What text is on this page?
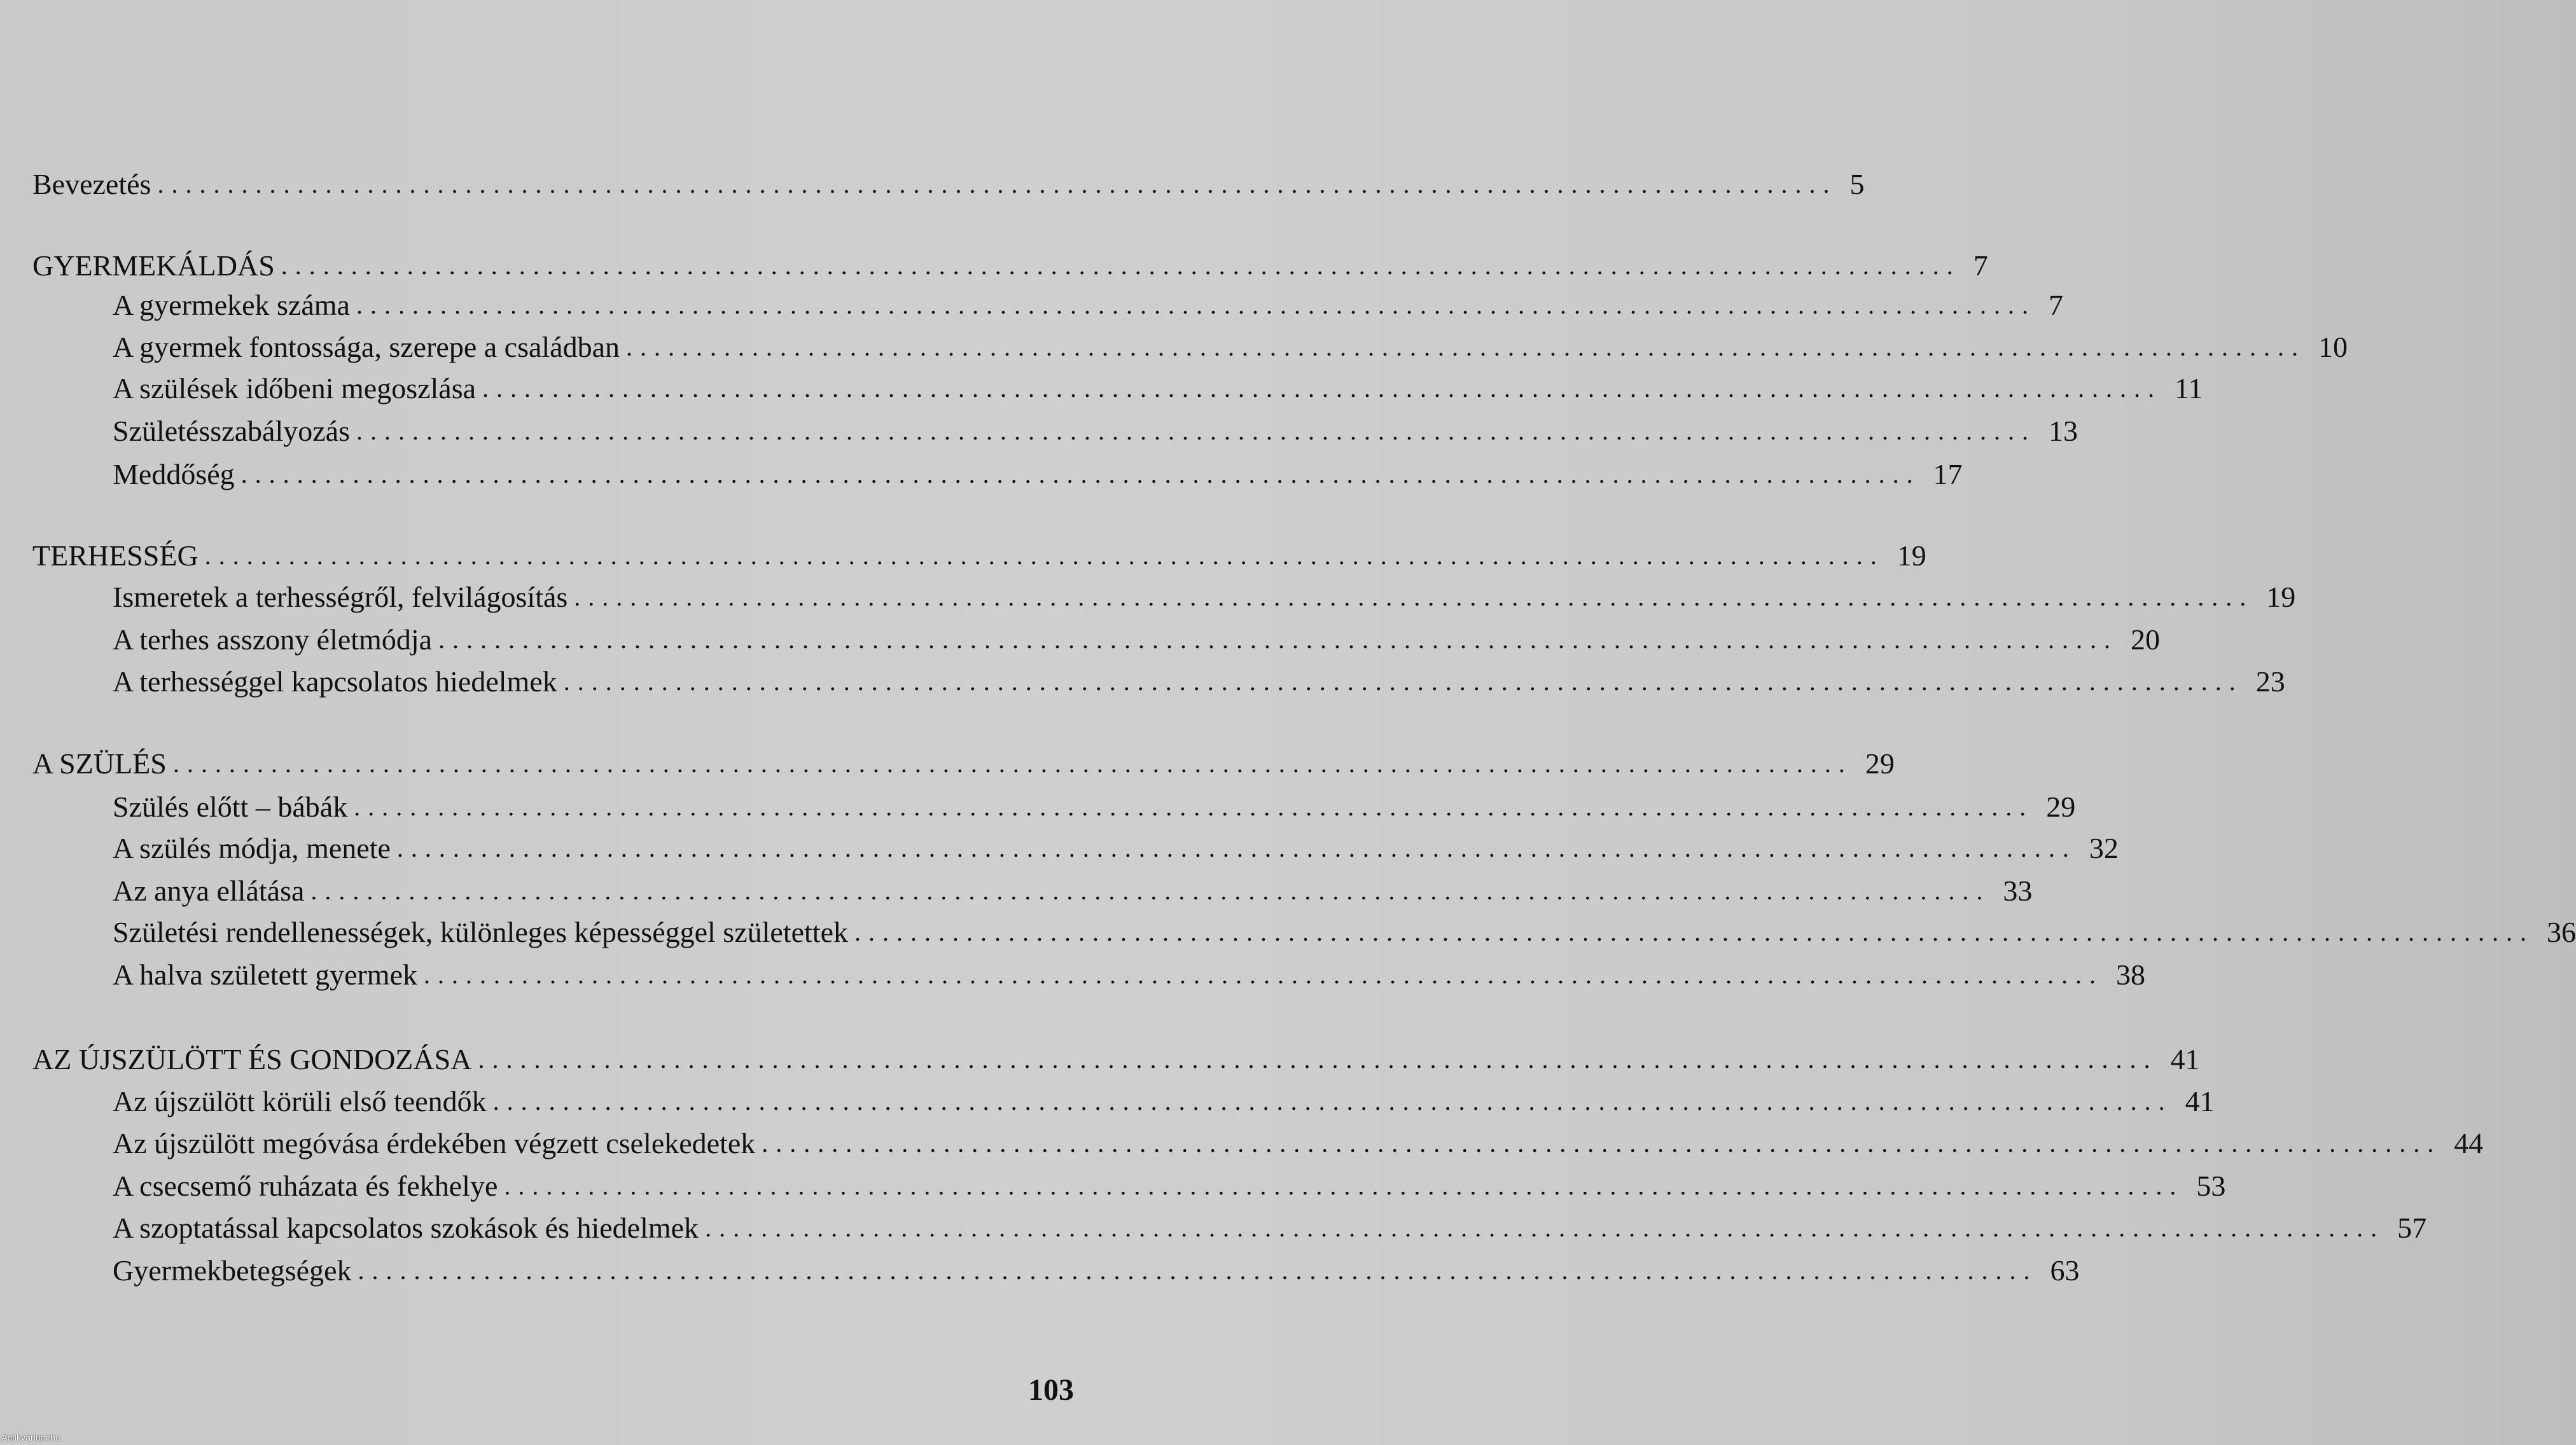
Bevezetés ........................................................................................................................ 5
GYERMEKÁLDÁS ........................................................................................................................ 7
A gyermekek száma ........................................................................................................................ 7
A gyermek fontossága, szerepe a családban ........................................................................................................................ 10
A szülések időbeni megoszlása ........................................................................................................................ 11
Születésszabályozás ........................................................................................................................ 13
Meddőség ........................................................................................................................ 17
TERHESSÉG ........................................................................................................................ 19
Ismeretek a terhességről, felvilágosítás ........................................................................................................................ 19
A terhes asszony életmódja ........................................................................................................................ 20
A terhességgel kapcsolatos hiedelmek ........................................................................................................................ 23
A SZÜLÉS ........................................................................................................................ 29
Szülés előtt – bábák ........................................................................................................................ 29
A szülés módja, menete ........................................................................................................................ 32
Az anya ellátása ........................................................................................................................ 33
Születési rendellenességek, különleges képességgel születettek ........................................................................................................................ 36
A halva született gyermek ........................................................................................................................ 38
AZ ÚJSZÜLÖTT ÉS GONDOZÁSA ........................................................................................................................ 41
Az újszülött körüli első teendők ........................................................................................................................ 41
Az újszülött megóvása érdekében végzett cselekedetek ........................................................................................................................ 44
A csecsemő ruházata és fekhelye ........................................................................................................................ 53
A szoptatással kapcsolatos szokások és hiedelmek ........................................................................................................................ 57
Gyermekbetegségek ........................................................................................................................ 63
103
Antikvárium.hu
